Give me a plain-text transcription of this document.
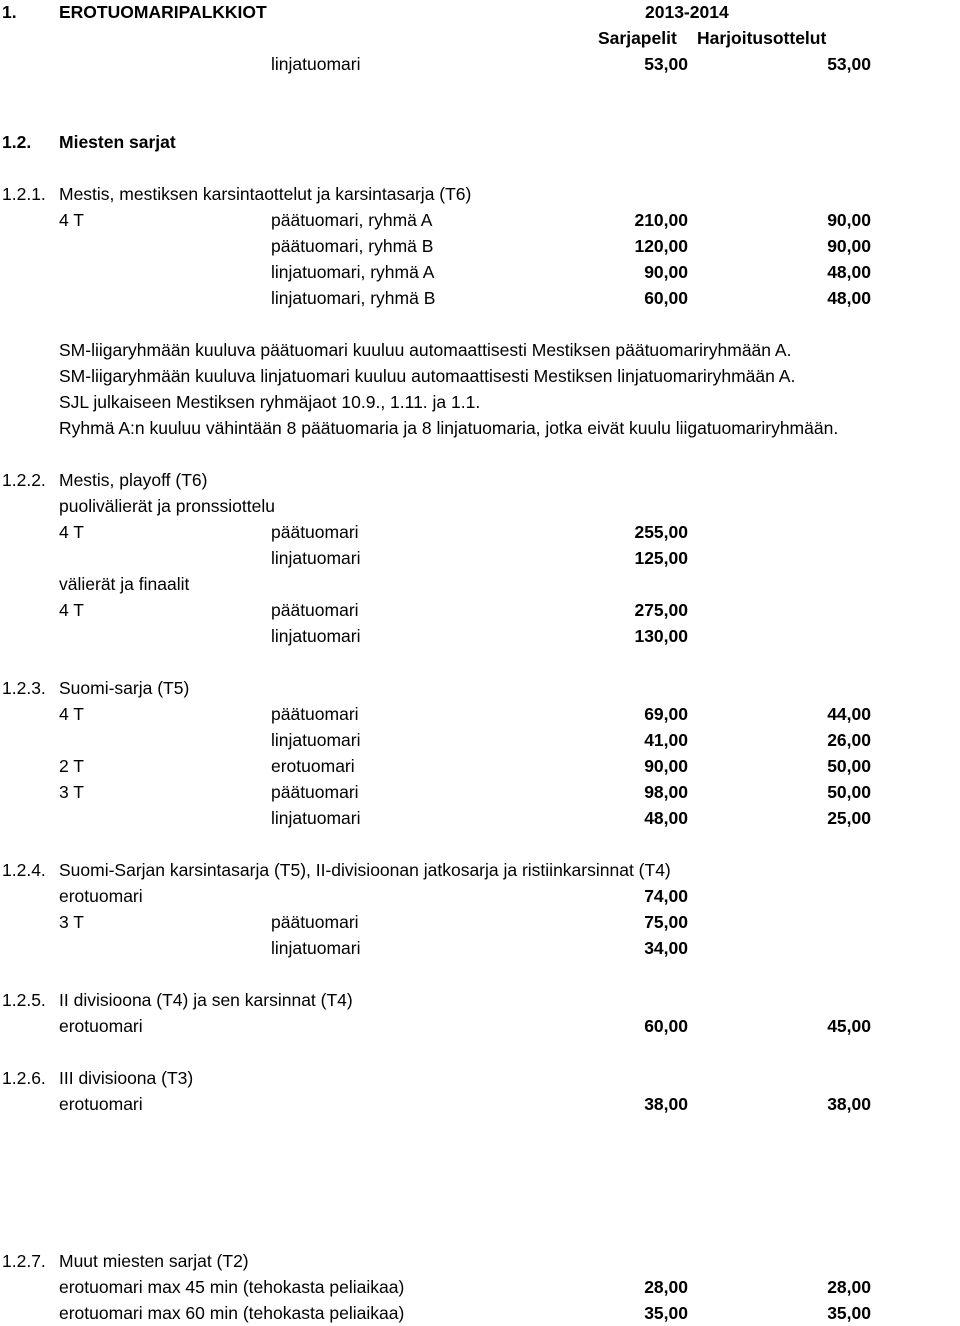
1. EROTUOMARIPALKKIOT	2013-2014
Sarjapelit Harjoitusottelut
linjatuomari	53,00	53,00
1.2. Miesten sarjat
1.2.1. Mestis, mestiksen karsintaottelut ja karsintasarja (T6)
4 T	päätuomari, ryhmä A	210,00	90,00
päätuomari, ryhmä B	120,00	90,00
linjatuomari, ryhmä A	90,00	48,00
linjatuomari, ryhmä B	60,00	48,00
SM-liigaryhmään kuuluva päätuomari kuuluu automaattisesti Mestiksen päätuomariryhmään A.
SM-liigaryhmään kuuluva linjatuomari kuuluu automaattisesti Mestiksen linjatuomariryhmään A.
SJL julkaiseen Mestiksen ryhmäjaot 10.9., 1.11. ja 1.1.
Ryhmä A:n kuuluu vähintään 8 päätuomaria ja 8 linjatuomaria, jotka eivät kuulu liigatuomariryhmään.
1.2.2. Mestis, playoff (T6)
puolivälierät ja pronssiottelu
4 T	päätuomari	255,00
linjatuomari	125,00
välierät ja finaalit
4 T	päätuomari	275,00
linjatuomari	130,00
1.2.3. Suomi-sarja (T5)
4 T	päätuomari	69,00	44,00
linjatuomari	41,00	26,00
2 T	erotuomari	90,00	50,00
3 T	päätuomari	98,00	50,00
linjatuomari	48,00	25,00
1.2.4. Suomi-Sarjan karsintasarja (T5), II-divisioonan jatkosarja ja ristiinkarsinnat (T4)
erotuomari	74,00
3 T	päätuomari	75,00
linjatuomari	34,00
1.2.5. II divisioona (T4) ja sen karsinnat (T4)
erotuomari	60,00	45,00
1.2.6. III divisioona (T3)
erotuomari	38,00	38,00
1.2.7. Muut miesten sarjat (T2)
erotuomari max 45 min (tehokasta peliaikaa)	28,00	28,00
erotuomari max 60 min (tehokasta peliaikaa)	35,00	35,00
